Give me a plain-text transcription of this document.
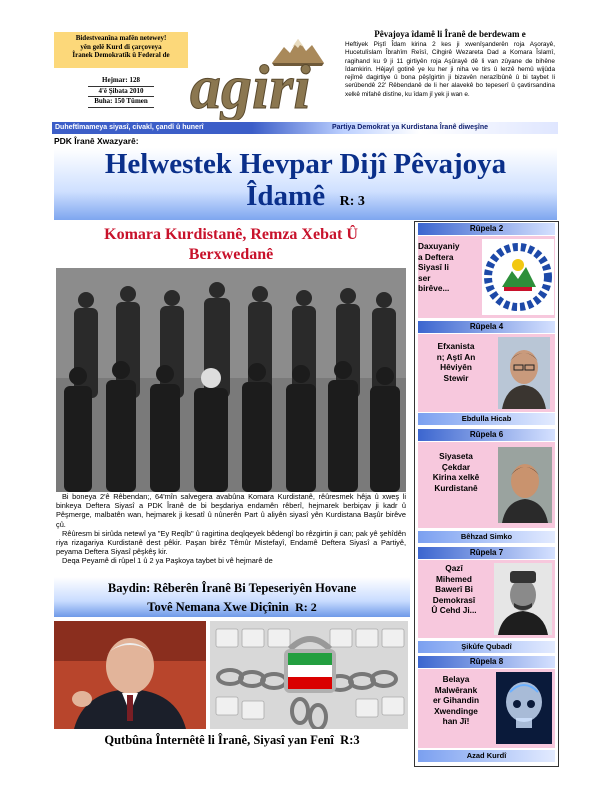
Bidestveanîna mafên netewey!
yên gelê Kurd di çarçoveya
Îranek Demokratîk û Federal de
Hejmar: 128
4'ê Şibata 2010
Buha: 150 Tûmen agiri
Pêvajoya îdamê li Îranê de berdewam e
Heftiyek Piştî Îdam kirina 2 kes ji xwenîşanderên roja Aşorayê, Hucetulîslam Îbrahîm Reîsî, Cihgirê Wezareta Dad a Komara Îslamî, ragihand ku 9 ji 11 girtiyên roja Aşûrayê dê li van zûyane de bihêne îdamkirin. Hêjayî gotinê ye ku her ji niha ve tirs û lerzê hemû wijûda rejîmê dagirtiye û bona pêşîgirtin ji bizavên nerazîbûnê û bi taybet li serûbendê 22' Rêbendanê de li her alavekê bo tepeserî û çavtirsandina xelkê mifahê distîne, ku îdam jî yek ji wan e.
Duheftîmameya siyasî, civakî, çandî û hunerî	Partiya Demokrat ya Kurdistana Îranê diweşîne
PDK Îranê Xwazyarê:
Helwestek Hevpar Dijî Pêvajoya
Îdamê R: 3
Komara Kurdistanê, Remza Xebat Û
Berxwedanê

Bi boneya 2'ê Rêbendan;, 64'mîn salvegera avabûna Komara Kurdistanê, rêûresmek hêja û xweş li binkeya Deftera Siyasî a PDK Îranê de bi beşdariya endamên rêberî, hejmarek berbiçav ji kadr û Pêşmerge, malbatên wan, hejmarek ji kesatî û nûnerên Part û aliyên siyasî yên Kurdistana Başûr birêve çû.

Rêûresm bi sirûda netewî ya "Ey Reqîb" û ragirtina deqîqeyek bêdengî bo rêzgirtin ji can; pak yê şehîdên riya rizagariya Kurdistanê dest pêkir. Paşan birêz Têmûr Mistefayî, Endamê Deftera Siyasî a Partiyê, peyama Deftera Siyasî pêşkêş kir.

Deqa Peyamê di rûpel 1 û 2 ya Paşkoya taybet bi vê hejmarê de

Baydin: Rêberên Îranê Bi Tepeseriyên Hovane
Tovê Nemana Xwe Diçînin R: 2
Qutbûna Înternêtê li Îranê, Siyasî yan Fenî R:3
Rûpela 2
Daxuyaniy
a Deftera
Siyasî li
ser
birêve...
Rûpela 4
Efxanista
n; Aştî An
Hêviyên
Stewir
Ebdulla Hicab
Rûpela 6
Siyaseta
Çekdar
Kirina xelkê
Kurdistanê
Bêhzad Simko
Rûpela 7
Qazî
Mihemed
Bawerî Bi
Demokrasî
Û Cehd Ji...
Şikûfe Qubadî
Rûpela 8
Belaya
Malwêrank
er Gihandin
Xwendinge
han Jî!
Azad Kurdî
